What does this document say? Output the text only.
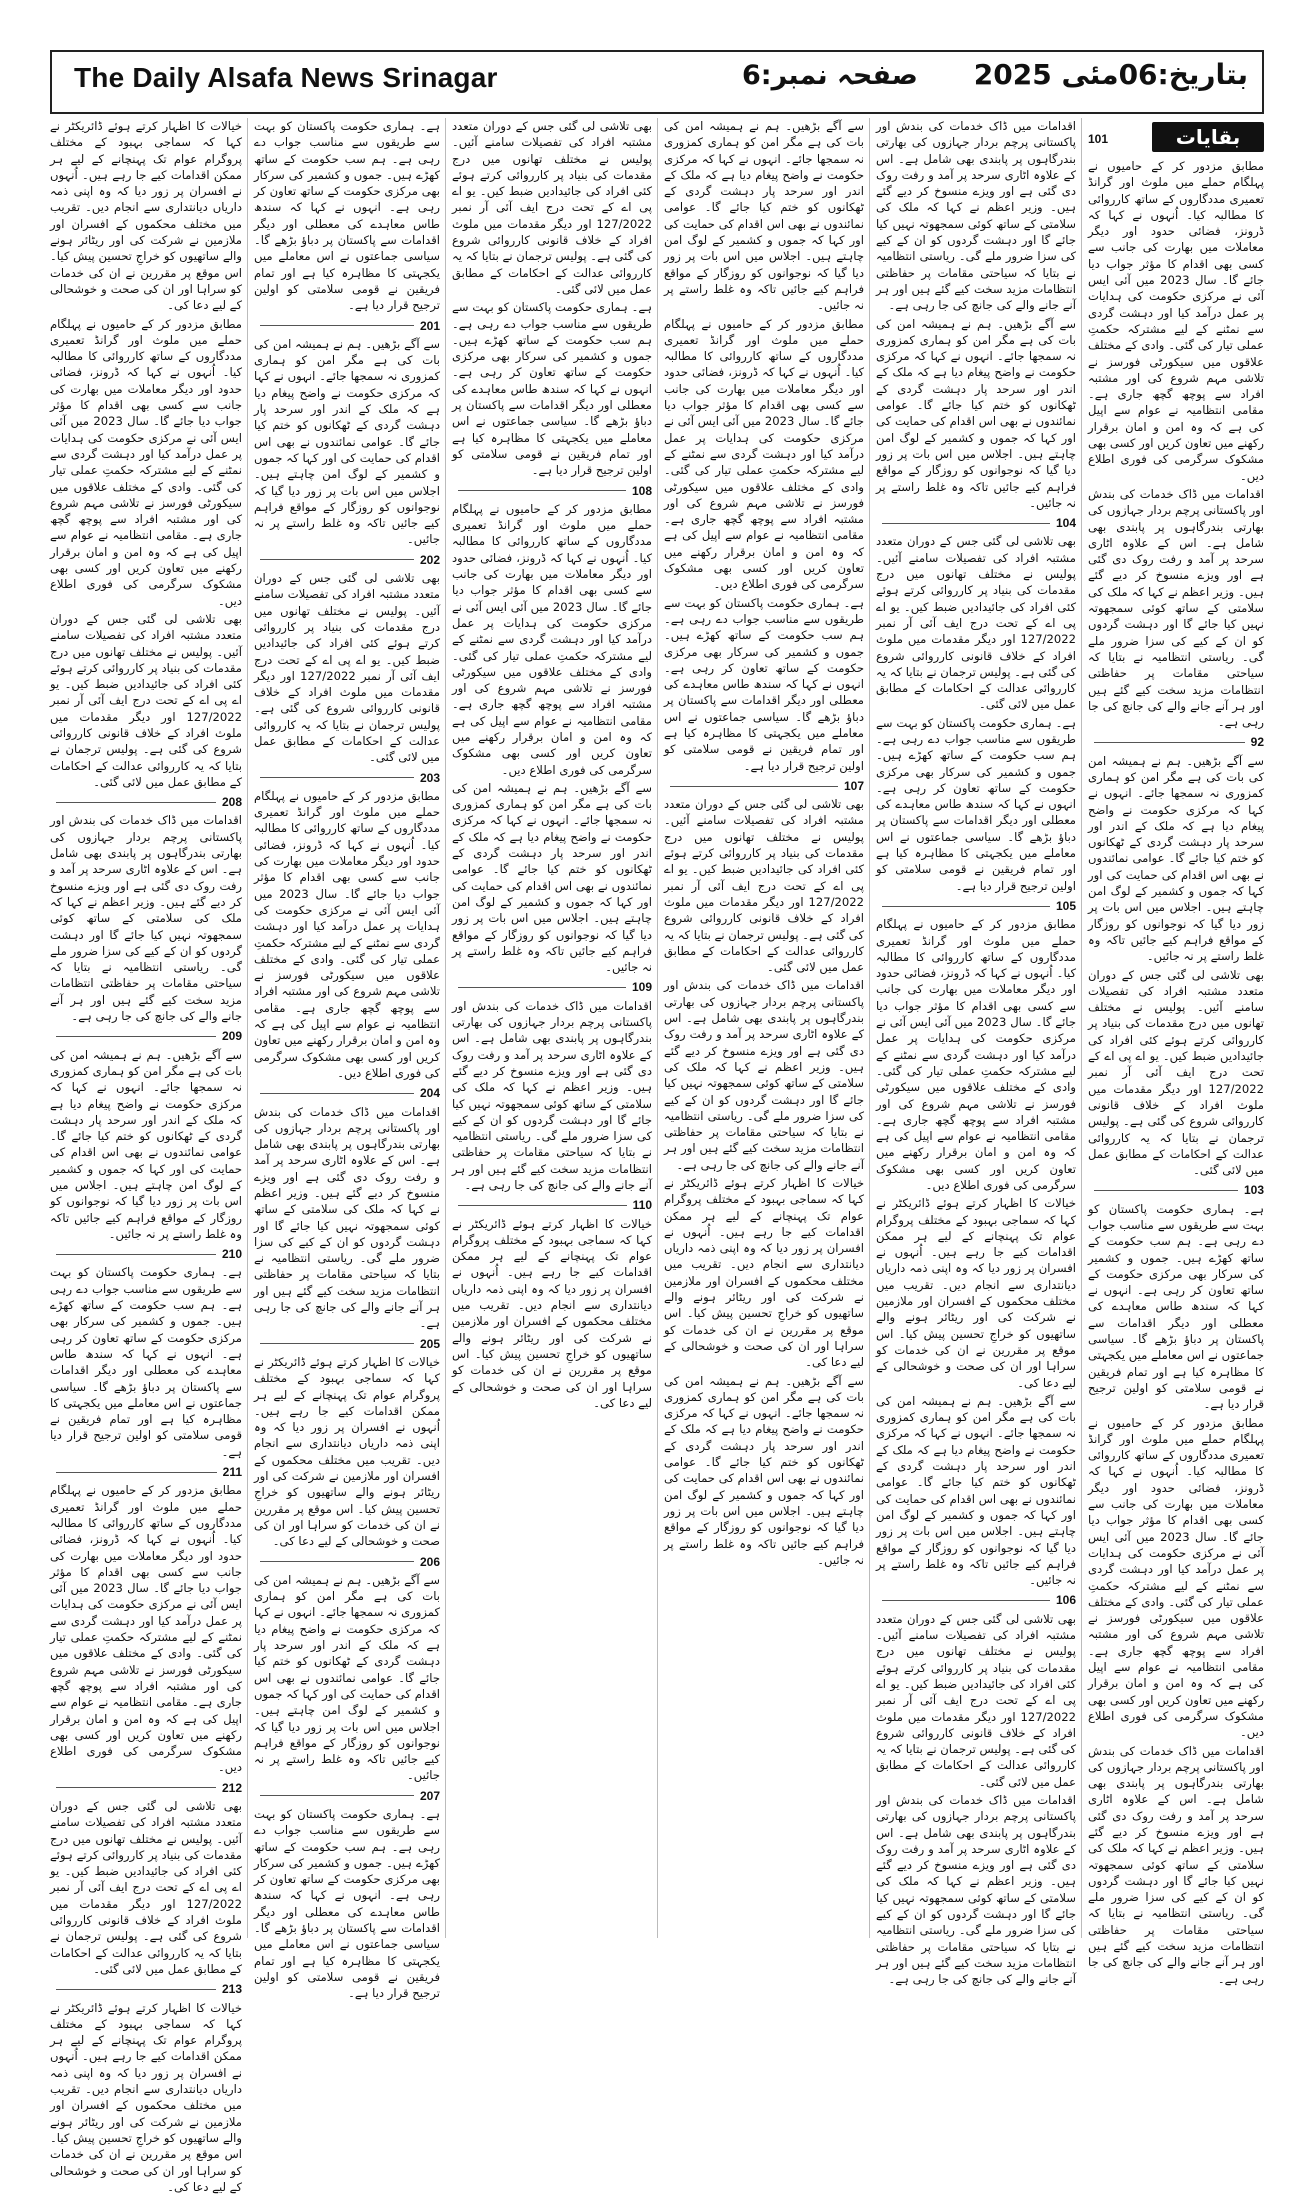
The Daily Alsafa News Srinagar	صفحہ نمبر:6 بتاریخ:06مئی 2025
بقایات
101

مطابق مزدور کر کے حامیوں نے پہلگام حملے میں ملوث اور گرانڈ تعمیری مددگاروں کے ساتھ کارروائی کا مطالبہ کیا۔ اُنہوں نے کہا کہ ڈرونز، فضائی حدود اور دیگر معاملات میں بھارت کی جانب سے کسی بھی اقدام کا مؤثر جواب دیا جائے گا۔ سال 2023 میں آئی ایس آئی نے مرکزی حکومت کی ہدایات پر عمل درآمد کیا اور دہشت گردی سے نمٹنے کے لیے مشترکہ حکمتِ عملی تیار کی گئی۔ وادی کے مختلف علاقوں میں سیکورٹی فورسز نے تلاشی مہم شروع کی اور مشتبہ افراد سے پوچھ گچھ جاری ہے۔ مقامی انتظامیہ نے عوام سے اپیل کی ہے کہ وہ امن و امان برقرار رکھنے میں تعاون کریں اور کسی بھی مشکوک سرگرمی کی فوری اطلاع دیں۔

اقدامات میں ڈاک خدمات کی بندش اور پاکستانی پرچم بردار جہازوں کی بھارتی بندرگاہوں پر پابندی بھی شامل ہے۔ اس کے علاوہ اٹاری سرحد پر آمد و رفت روک دی گئی ہے اور ویزے منسوخ کر دیے گئے ہیں۔ وزیر اعظم نے کہا کہ ملک کی سلامتی کے ساتھ کوئی سمجھوتہ نہیں کیا جائے گا اور دہشت گردوں کو ان کے کیے کی سزا ضرور ملے گی۔ ریاستی انتظامیہ نے بتایا کہ سیاحتی مقامات پر حفاظتی انتظامات مزید سخت کیے گئے ہیں اور ہر آنے جانے والے کی جانچ کی جا رہی ہے۔

92

سے آگے بڑھیں۔ ہم نے ہمیشہ امن کی بات کی ہے مگر امن کو ہماری کمزوری نہ سمجھا جائے۔ انہوں نے کہا کہ مرکزی حکومت نے واضح پیغام دیا ہے کہ ملک کے اندر اور سرحد پار دہشت گردی کے ٹھکانوں کو ختم کیا جائے گا۔ عوامی نمائندوں نے بھی اس اقدام کی حمایت کی اور کہا کہ جموں و کشمیر کے لوگ امن چاہتے ہیں۔ اجلاس میں اس بات پر زور دیا گیا کہ نوجوانوں کو روزگار کے مواقع فراہم کیے جائیں تاکہ وہ غلط راستے پر نہ جائیں۔

بھی تلاشی لی گئی جس کے دوران متعدد مشتبہ افراد کی تفصیلات سامنے آئیں۔ پولیس نے مختلف تھانوں میں درج مقدمات کی بنیاد پر کارروائی کرتے ہوئے کئی افراد کی جائیدادیں ضبط کیں۔ یو اے پی اے کے تحت درج ایف آئی آر نمبر 127/2022 اور دیگر مقدمات میں ملوث افراد کے خلاف قانونی کارروائی شروع کی گئی ہے۔ پولیس ترجمان نے بتایا کہ یہ کارروائی عدالت کے احکامات کے مطابق عمل میں لائی گئی۔

103

ہے۔ ہماری حکومت پاکستان کو بہت سے طریقوں سے مناسب جواب دے رہی ہے۔ ہم سب حکومت کے ساتھ کھڑے ہیں۔ جموں و کشمیر کی سرکار بھی مرکزی حکومت کے ساتھ تعاون کر رہی ہے۔ انہوں نے کہا کہ سندھ طاس معاہدے کی معطلی اور دیگر اقدامات سے پاکستان پر دباؤ بڑھے گا۔ سیاسی جماعتوں نے اس معاملے میں یکجہتی کا مظاہرہ کیا ہے اور تمام فریقین نے قومی سلامتی کو اولین ترجیح قرار دیا ہے۔

مطابق مزدور کر کے حامیوں نے پہلگام حملے میں ملوث اور گرانڈ تعمیری مددگاروں کے ساتھ کارروائی کا مطالبہ کیا۔ اُنہوں نے کہا کہ ڈرونز، فضائی حدود اور دیگر معاملات میں بھارت کی جانب سے کسی بھی اقدام کا مؤثر جواب دیا جائے گا۔ سال 2023 میں آئی ایس آئی نے مرکزی حکومت کی ہدایات پر عمل درآمد کیا اور دہشت گردی سے نمٹنے کے لیے مشترکہ حکمتِ عملی تیار کی گئی۔ وادی کے مختلف علاقوں میں سیکورٹی فورسز نے تلاشی مہم شروع کی اور مشتبہ افراد سے پوچھ گچھ جاری ہے۔ مقامی انتظامیہ نے عوام سے اپیل کی ہے کہ وہ امن و امان برقرار رکھنے میں تعاون کریں اور کسی بھی مشکوک سرگرمی کی فوری اطلاع دیں۔

اقدامات میں ڈاک خدمات کی بندش اور پاکستانی پرچم بردار جہازوں کی بھارتی بندرگاہوں پر پابندی بھی شامل ہے۔ اس کے علاوہ اٹاری سرحد پر آمد و رفت روک دی گئی ہے اور ویزے منسوخ کر دیے گئے ہیں۔ وزیر اعظم نے کہا کہ ملک کی سلامتی کے ساتھ کوئی سمجھوتہ نہیں کیا جائے گا اور دہشت گردوں کو ان کے کیے کی سزا ضرور ملے گی۔ ریاستی انتظامیہ نے بتایا کہ سیاحتی مقامات پر حفاظتی انتظامات مزید سخت کیے گئے ہیں اور ہر آنے جانے والے کی جانچ کی جا رہی ہے۔

اقدامات میں ڈاک خدمات کی بندش اور پاکستانی پرچم بردار جہازوں کی بھارتی بندرگاہوں پر پابندی بھی شامل ہے۔ اس کے علاوہ اٹاری سرحد پر آمد و رفت روک دی گئی ہے اور ویزے منسوخ کر دیے گئے ہیں۔ وزیر اعظم نے کہا کہ ملک کی سلامتی کے ساتھ کوئی سمجھوتہ نہیں کیا جائے گا اور دہشت گردوں کو ان کے کیے کی سزا ضرور ملے گی۔ ریاستی انتظامیہ نے بتایا کہ سیاحتی مقامات پر حفاظتی انتظامات مزید سخت کیے گئے ہیں اور ہر آنے جانے والے کی جانچ کی جا رہی ہے۔

سے آگے بڑھیں۔ ہم نے ہمیشہ امن کی بات کی ہے مگر امن کو ہماری کمزوری نہ سمجھا جائے۔ انہوں نے کہا کہ مرکزی حکومت نے واضح پیغام دیا ہے کہ ملک کے اندر اور سرحد پار دہشت گردی کے ٹھکانوں کو ختم کیا جائے گا۔ عوامی نمائندوں نے بھی اس اقدام کی حمایت کی اور کہا کہ جموں و کشمیر کے لوگ امن چاہتے ہیں۔ اجلاس میں اس بات پر زور دیا گیا کہ نوجوانوں کو روزگار کے مواقع فراہم کیے جائیں تاکہ وہ غلط راستے پر نہ جائیں۔

104

بھی تلاشی لی گئی جس کے دوران متعدد مشتبہ افراد کی تفصیلات سامنے آئیں۔ پولیس نے مختلف تھانوں میں درج مقدمات کی بنیاد پر کارروائی کرتے ہوئے کئی افراد کی جائیدادیں ضبط کیں۔ یو اے پی اے کے تحت درج ایف آئی آر نمبر 127/2022 اور دیگر مقدمات میں ملوث افراد کے خلاف قانونی کارروائی شروع کی گئی ہے۔ پولیس ترجمان نے بتایا کہ یہ کارروائی عدالت کے احکامات کے مطابق عمل میں لائی گئی۔

ہے۔ ہماری حکومت پاکستان کو بہت سے طریقوں سے مناسب جواب دے رہی ہے۔ ہم سب حکومت کے ساتھ کھڑے ہیں۔ جموں و کشمیر کی سرکار بھی مرکزی حکومت کے ساتھ تعاون کر رہی ہے۔ انہوں نے کہا کہ سندھ طاس معاہدے کی معطلی اور دیگر اقدامات سے پاکستان پر دباؤ بڑھے گا۔ سیاسی جماعتوں نے اس معاملے میں یکجہتی کا مظاہرہ کیا ہے اور تمام فریقین نے قومی سلامتی کو اولین ترجیح قرار دیا ہے۔

105

مطابق مزدور کر کے حامیوں نے پہلگام حملے میں ملوث اور گرانڈ تعمیری مددگاروں کے ساتھ کارروائی کا مطالبہ کیا۔ اُنہوں نے کہا کہ ڈرونز، فضائی حدود اور دیگر معاملات میں بھارت کی جانب سے کسی بھی اقدام کا مؤثر جواب دیا جائے گا۔ سال 2023 میں آئی ایس آئی نے مرکزی حکومت کی ہدایات پر عمل درآمد کیا اور دہشت گردی سے نمٹنے کے لیے مشترکہ حکمتِ عملی تیار کی گئی۔ وادی کے مختلف علاقوں میں سیکورٹی فورسز نے تلاشی مہم شروع کی اور مشتبہ افراد سے پوچھ گچھ جاری ہے۔ مقامی انتظامیہ نے عوام سے اپیل کی ہے کہ وہ امن و امان برقرار رکھنے میں تعاون کریں اور کسی بھی مشکوک سرگرمی کی فوری اطلاع دیں۔

خیالات کا اظہار کرتے ہوئے ڈائریکٹر نے کہا کہ سماجی بہبود کے مختلف پروگرام عوام تک پہنچانے کے لیے ہر ممکن اقدامات کیے جا رہے ہیں۔ اُنہوں نے افسران پر زور دیا کہ وہ اپنی ذمہ داریاں دیانتداری سے انجام دیں۔ تقریب میں مختلف محکموں کے افسران اور ملازمین نے شرکت کی اور ریٹائر ہونے والے ساتھیوں کو خراجِ تحسین پیش کیا۔ اس موقع پر مقررین نے ان کی خدمات کو سراہا اور ان کی صحت و خوشحالی کے لیے دعا کی۔

سے آگے بڑھیں۔ ہم نے ہمیشہ امن کی بات کی ہے مگر امن کو ہماری کمزوری نہ سمجھا جائے۔ انہوں نے کہا کہ مرکزی حکومت نے واضح پیغام دیا ہے کہ ملک کے اندر اور سرحد پار دہشت گردی کے ٹھکانوں کو ختم کیا جائے گا۔ عوامی نمائندوں نے بھی اس اقدام کی حمایت کی اور کہا کہ جموں و کشمیر کے لوگ امن چاہتے ہیں۔ اجلاس میں اس بات پر زور دیا گیا کہ نوجوانوں کو روزگار کے مواقع فراہم کیے جائیں تاکہ وہ غلط راستے پر نہ جائیں۔

106

بھی تلاشی لی گئی جس کے دوران متعدد مشتبہ افراد کی تفصیلات سامنے آئیں۔ پولیس نے مختلف تھانوں میں درج مقدمات کی بنیاد پر کارروائی کرتے ہوئے کئی افراد کی جائیدادیں ضبط کیں۔ یو اے پی اے کے تحت درج ایف آئی آر نمبر 127/2022 اور دیگر مقدمات میں ملوث افراد کے خلاف قانونی کارروائی شروع کی گئی ہے۔ پولیس ترجمان نے بتایا کہ یہ کارروائی عدالت کے احکامات کے مطابق عمل میں لائی گئی۔

اقدامات میں ڈاک خدمات کی بندش اور پاکستانی پرچم بردار جہازوں کی بھارتی بندرگاہوں پر پابندی بھی شامل ہے۔ اس کے علاوہ اٹاری سرحد پر آمد و رفت روک دی گئی ہے اور ویزے منسوخ کر دیے گئے ہیں۔ وزیر اعظم نے کہا کہ ملک کی سلامتی کے ساتھ کوئی سمجھوتہ نہیں کیا جائے گا اور دہشت گردوں کو ان کے کیے کی سزا ضرور ملے گی۔ ریاستی انتظامیہ نے بتایا کہ سیاحتی مقامات پر حفاظتی انتظامات مزید سخت کیے گئے ہیں اور ہر آنے جانے والے کی جانچ کی جا رہی ہے۔

سے آگے بڑھیں۔ ہم نے ہمیشہ امن کی بات کی ہے مگر امن کو ہماری کمزوری نہ سمجھا جائے۔ انہوں نے کہا کہ مرکزی حکومت نے واضح پیغام دیا ہے کہ ملک کے اندر اور سرحد پار دہشت گردی کے ٹھکانوں کو ختم کیا جائے گا۔ عوامی نمائندوں نے بھی اس اقدام کی حمایت کی اور کہا کہ جموں و کشمیر کے لوگ امن چاہتے ہیں۔ اجلاس میں اس بات پر زور دیا گیا کہ نوجوانوں کو روزگار کے مواقع فراہم کیے جائیں تاکہ وہ غلط راستے پر نہ جائیں۔

مطابق مزدور کر کے حامیوں نے پہلگام حملے میں ملوث اور گرانڈ تعمیری مددگاروں کے ساتھ کارروائی کا مطالبہ کیا۔ اُنہوں نے کہا کہ ڈرونز، فضائی حدود اور دیگر معاملات میں بھارت کی جانب سے کسی بھی اقدام کا مؤثر جواب دیا جائے گا۔ سال 2023 میں آئی ایس آئی نے مرکزی حکومت کی ہدایات پر عمل درآمد کیا اور دہشت گردی سے نمٹنے کے لیے مشترکہ حکمتِ عملی تیار کی گئی۔ وادی کے مختلف علاقوں میں سیکورٹی فورسز نے تلاشی مہم شروع کی اور مشتبہ افراد سے پوچھ گچھ جاری ہے۔ مقامی انتظامیہ نے عوام سے اپیل کی ہے کہ وہ امن و امان برقرار رکھنے میں تعاون کریں اور کسی بھی مشکوک سرگرمی کی فوری اطلاع دیں۔

ہے۔ ہماری حکومت پاکستان کو بہت سے طریقوں سے مناسب جواب دے رہی ہے۔ ہم سب حکومت کے ساتھ کھڑے ہیں۔ جموں و کشمیر کی سرکار بھی مرکزی حکومت کے ساتھ تعاون کر رہی ہے۔ انہوں نے کہا کہ سندھ طاس معاہدے کی معطلی اور دیگر اقدامات سے پاکستان پر دباؤ بڑھے گا۔ سیاسی جماعتوں نے اس معاملے میں یکجہتی کا مظاہرہ کیا ہے اور تمام فریقین نے قومی سلامتی کو اولین ترجیح قرار دیا ہے۔

107

بھی تلاشی لی گئی جس کے دوران متعدد مشتبہ افراد کی تفصیلات سامنے آئیں۔ پولیس نے مختلف تھانوں میں درج مقدمات کی بنیاد پر کارروائی کرتے ہوئے کئی افراد کی جائیدادیں ضبط کیں۔ یو اے پی اے کے تحت درج ایف آئی آر نمبر 127/2022 اور دیگر مقدمات میں ملوث افراد کے خلاف قانونی کارروائی شروع کی گئی ہے۔ پولیس ترجمان نے بتایا کہ یہ کارروائی عدالت کے احکامات کے مطابق عمل میں لائی گئی۔

اقدامات میں ڈاک خدمات کی بندش اور پاکستانی پرچم بردار جہازوں کی بھارتی بندرگاہوں پر پابندی بھی شامل ہے۔ اس کے علاوہ اٹاری سرحد پر آمد و رفت روک دی گئی ہے اور ویزے منسوخ کر دیے گئے ہیں۔ وزیر اعظم نے کہا کہ ملک کی سلامتی کے ساتھ کوئی سمجھوتہ نہیں کیا جائے گا اور دہشت گردوں کو ان کے کیے کی سزا ضرور ملے گی۔ ریاستی انتظامیہ نے بتایا کہ سیاحتی مقامات پر حفاظتی انتظامات مزید سخت کیے گئے ہیں اور ہر آنے جانے والے کی جانچ کی جا رہی ہے۔

خیالات کا اظہار کرتے ہوئے ڈائریکٹر نے کہا کہ سماجی بہبود کے مختلف پروگرام عوام تک پہنچانے کے لیے ہر ممکن اقدامات کیے جا رہے ہیں۔ اُنہوں نے افسران پر زور دیا کہ وہ اپنی ذمہ داریاں دیانتداری سے انجام دیں۔ تقریب میں مختلف محکموں کے افسران اور ملازمین نے شرکت کی اور ریٹائر ہونے والے ساتھیوں کو خراجِ تحسین پیش کیا۔ اس موقع پر مقررین نے ان کی خدمات کو سراہا اور ان کی صحت و خوشحالی کے لیے دعا کی۔

سے آگے بڑھیں۔ ہم نے ہمیشہ امن کی بات کی ہے مگر امن کو ہماری کمزوری نہ سمجھا جائے۔ انہوں نے کہا کہ مرکزی حکومت نے واضح پیغام دیا ہے کہ ملک کے اندر اور سرحد پار دہشت گردی کے ٹھکانوں کو ختم کیا جائے گا۔ عوامی نمائندوں نے بھی اس اقدام کی حمایت کی اور کہا کہ جموں و کشمیر کے لوگ امن چاہتے ہیں۔ اجلاس میں اس بات پر زور دیا گیا کہ نوجوانوں کو روزگار کے مواقع فراہم کیے جائیں تاکہ وہ غلط راستے پر نہ جائیں۔

بھی تلاشی لی گئی جس کے دوران متعدد مشتبہ افراد کی تفصیلات سامنے آئیں۔ پولیس نے مختلف تھانوں میں درج مقدمات کی بنیاد پر کارروائی کرتے ہوئے کئی افراد کی جائیدادیں ضبط کیں۔ یو اے پی اے کے تحت درج ایف آئی آر نمبر 127/2022 اور دیگر مقدمات میں ملوث افراد کے خلاف قانونی کارروائی شروع کی گئی ہے۔ پولیس ترجمان نے بتایا کہ یہ کارروائی عدالت کے احکامات کے مطابق عمل میں لائی گئی۔

ہے۔ ہماری حکومت پاکستان کو بہت سے طریقوں سے مناسب جواب دے رہی ہے۔ ہم سب حکومت کے ساتھ کھڑے ہیں۔ جموں و کشمیر کی سرکار بھی مرکزی حکومت کے ساتھ تعاون کر رہی ہے۔ انہوں نے کہا کہ سندھ طاس معاہدے کی معطلی اور دیگر اقدامات سے پاکستان پر دباؤ بڑھے گا۔ سیاسی جماعتوں نے اس معاملے میں یکجہتی کا مظاہرہ کیا ہے اور تمام فریقین نے قومی سلامتی کو اولین ترجیح قرار دیا ہے۔

108

مطابق مزدور کر کے حامیوں نے پہلگام حملے میں ملوث اور گرانڈ تعمیری مددگاروں کے ساتھ کارروائی کا مطالبہ کیا۔ اُنہوں نے کہا کہ ڈرونز، فضائی حدود اور دیگر معاملات میں بھارت کی جانب سے کسی بھی اقدام کا مؤثر جواب دیا جائے گا۔ سال 2023 میں آئی ایس آئی نے مرکزی حکومت کی ہدایات پر عمل درآمد کیا اور دہشت گردی سے نمٹنے کے لیے مشترکہ حکمتِ عملی تیار کی گئی۔ وادی کے مختلف علاقوں میں سیکورٹی فورسز نے تلاشی مہم شروع کی اور مشتبہ افراد سے پوچھ گچھ جاری ہے۔ مقامی انتظامیہ نے عوام سے اپیل کی ہے کہ وہ امن و امان برقرار رکھنے میں تعاون کریں اور کسی بھی مشکوک سرگرمی کی فوری اطلاع دیں۔

سے آگے بڑھیں۔ ہم نے ہمیشہ امن کی بات کی ہے مگر امن کو ہماری کمزوری نہ سمجھا جائے۔ انہوں نے کہا کہ مرکزی حکومت نے واضح پیغام دیا ہے کہ ملک کے اندر اور سرحد پار دہشت گردی کے ٹھکانوں کو ختم کیا جائے گا۔ عوامی نمائندوں نے بھی اس اقدام کی حمایت کی اور کہا کہ جموں و کشمیر کے لوگ امن چاہتے ہیں۔ اجلاس میں اس بات پر زور دیا گیا کہ نوجوانوں کو روزگار کے مواقع فراہم کیے جائیں تاکہ وہ غلط راستے پر نہ جائیں۔

109

اقدامات میں ڈاک خدمات کی بندش اور پاکستانی پرچم بردار جہازوں کی بھارتی بندرگاہوں پر پابندی بھی شامل ہے۔ اس کے علاوہ اٹاری سرحد پر آمد و رفت روک دی گئی ہے اور ویزے منسوخ کر دیے گئے ہیں۔ وزیر اعظم نے کہا کہ ملک کی سلامتی کے ساتھ کوئی سمجھوتہ نہیں کیا جائے گا اور دہشت گردوں کو ان کے کیے کی سزا ضرور ملے گی۔ ریاستی انتظامیہ نے بتایا کہ سیاحتی مقامات پر حفاظتی انتظامات مزید سخت کیے گئے ہیں اور ہر آنے جانے والے کی جانچ کی جا رہی ہے۔

110

خیالات کا اظہار کرتے ہوئے ڈائریکٹر نے کہا کہ سماجی بہبود کے مختلف پروگرام عوام تک پہنچانے کے لیے ہر ممکن اقدامات کیے جا رہے ہیں۔ اُنہوں نے افسران پر زور دیا کہ وہ اپنی ذمہ داریاں دیانتداری سے انجام دیں۔ تقریب میں مختلف محکموں کے افسران اور ملازمین نے شرکت کی اور ریٹائر ہونے والے ساتھیوں کو خراجِ تحسین پیش کیا۔ اس موقع پر مقررین نے ان کی خدمات کو سراہا اور ان کی صحت و خوشحالی کے لیے دعا کی۔

ہے۔ ہماری حکومت پاکستان کو بہت سے طریقوں سے مناسب جواب دے رہی ہے۔ ہم سب حکومت کے ساتھ کھڑے ہیں۔ جموں و کشمیر کی سرکار بھی مرکزی حکومت کے ساتھ تعاون کر رہی ہے۔ انہوں نے کہا کہ سندھ طاس معاہدے کی معطلی اور دیگر اقدامات سے پاکستان پر دباؤ بڑھے گا۔ سیاسی جماعتوں نے اس معاملے میں یکجہتی کا مظاہرہ کیا ہے اور تمام فریقین نے قومی سلامتی کو اولین ترجیح قرار دیا ہے۔

201

سے آگے بڑھیں۔ ہم نے ہمیشہ امن کی بات کی ہے مگر امن کو ہماری کمزوری نہ سمجھا جائے۔ انہوں نے کہا کہ مرکزی حکومت نے واضح پیغام دیا ہے کہ ملک کے اندر اور سرحد پار دہشت گردی کے ٹھکانوں کو ختم کیا جائے گا۔ عوامی نمائندوں نے بھی اس اقدام کی حمایت کی اور کہا کہ جموں و کشمیر کے لوگ امن چاہتے ہیں۔ اجلاس میں اس بات پر زور دیا گیا کہ نوجوانوں کو روزگار کے مواقع فراہم کیے جائیں تاکہ وہ غلط راستے پر نہ جائیں۔

202

بھی تلاشی لی گئی جس کے دوران متعدد مشتبہ افراد کی تفصیلات سامنے آئیں۔ پولیس نے مختلف تھانوں میں درج مقدمات کی بنیاد پر کارروائی کرتے ہوئے کئی افراد کی جائیدادیں ضبط کیں۔ یو اے پی اے کے تحت درج ایف آئی آر نمبر 127/2022 اور دیگر مقدمات میں ملوث افراد کے خلاف قانونی کارروائی شروع کی گئی ہے۔ پولیس ترجمان نے بتایا کہ یہ کارروائی عدالت کے احکامات کے مطابق عمل میں لائی گئی۔

203

مطابق مزدور کر کے حامیوں نے پہلگام حملے میں ملوث اور گرانڈ تعمیری مددگاروں کے ساتھ کارروائی کا مطالبہ کیا۔ اُنہوں نے کہا کہ ڈرونز، فضائی حدود اور دیگر معاملات میں بھارت کی جانب سے کسی بھی اقدام کا مؤثر جواب دیا جائے گا۔ سال 2023 میں آئی ایس آئی نے مرکزی حکومت کی ہدایات پر عمل درآمد کیا اور دہشت گردی سے نمٹنے کے لیے مشترکہ حکمتِ عملی تیار کی گئی۔ وادی کے مختلف علاقوں میں سیکورٹی فورسز نے تلاشی مہم شروع کی اور مشتبہ افراد سے پوچھ گچھ جاری ہے۔ مقامی انتظامیہ نے عوام سے اپیل کی ہے کہ وہ امن و امان برقرار رکھنے میں تعاون کریں اور کسی بھی مشکوک سرگرمی کی فوری اطلاع دیں۔

204

اقدامات میں ڈاک خدمات کی بندش اور پاکستانی پرچم بردار جہازوں کی بھارتی بندرگاہوں پر پابندی بھی شامل ہے۔ اس کے علاوہ اٹاری سرحد پر آمد و رفت روک دی گئی ہے اور ویزے منسوخ کر دیے گئے ہیں۔ وزیر اعظم نے کہا کہ ملک کی سلامتی کے ساتھ کوئی سمجھوتہ نہیں کیا جائے گا اور دہشت گردوں کو ان کے کیے کی سزا ضرور ملے گی۔ ریاستی انتظامیہ نے بتایا کہ سیاحتی مقامات پر حفاظتی انتظامات مزید سخت کیے گئے ہیں اور ہر آنے جانے والے کی جانچ کی جا رہی ہے۔

205

خیالات کا اظہار کرتے ہوئے ڈائریکٹر نے کہا کہ سماجی بہبود کے مختلف پروگرام عوام تک پہنچانے کے لیے ہر ممکن اقدامات کیے جا رہے ہیں۔ اُنہوں نے افسران پر زور دیا کہ وہ اپنی ذمہ داریاں دیانتداری سے انجام دیں۔ تقریب میں مختلف محکموں کے افسران اور ملازمین نے شرکت کی اور ریٹائر ہونے والے ساتھیوں کو خراجِ تحسین پیش کیا۔ اس موقع پر مقررین نے ان کی خدمات کو سراہا اور ان کی صحت و خوشحالی کے لیے دعا کی۔

206

سے آگے بڑھیں۔ ہم نے ہمیشہ امن کی بات کی ہے مگر امن کو ہماری کمزوری نہ سمجھا جائے۔ انہوں نے کہا کہ مرکزی حکومت نے واضح پیغام دیا ہے کہ ملک کے اندر اور سرحد پار دہشت گردی کے ٹھکانوں کو ختم کیا جائے گا۔ عوامی نمائندوں نے بھی اس اقدام کی حمایت کی اور کہا کہ جموں و کشمیر کے لوگ امن چاہتے ہیں۔ اجلاس میں اس بات پر زور دیا گیا کہ نوجوانوں کو روزگار کے مواقع فراہم کیے جائیں تاکہ وہ غلط راستے پر نہ جائیں۔

207

ہے۔ ہماری حکومت پاکستان کو بہت سے طریقوں سے مناسب جواب دے رہی ہے۔ ہم سب حکومت کے ساتھ کھڑے ہیں۔ جموں و کشمیر کی سرکار بھی مرکزی حکومت کے ساتھ تعاون کر رہی ہے۔ انہوں نے کہا کہ سندھ طاس معاہدے کی معطلی اور دیگر اقدامات سے پاکستان پر دباؤ بڑھے گا۔ سیاسی جماعتوں نے اس معاملے میں یکجہتی کا مظاہرہ کیا ہے اور تمام فریقین نے قومی سلامتی کو اولین ترجیح قرار دیا ہے۔

خیالات کا اظہار کرتے ہوئے ڈائریکٹر نے کہا کہ سماجی بہبود کے مختلف پروگرام عوام تک پہنچانے کے لیے ہر ممکن اقدامات کیے جا رہے ہیں۔ اُنہوں نے افسران پر زور دیا کہ وہ اپنی ذمہ داریاں دیانتداری سے انجام دیں۔ تقریب میں مختلف محکموں کے افسران اور ملازمین نے شرکت کی اور ریٹائر ہونے والے ساتھیوں کو خراجِ تحسین پیش کیا۔ اس موقع پر مقررین نے ان کی خدمات کو سراہا اور ان کی صحت و خوشحالی کے لیے دعا کی۔

مطابق مزدور کر کے حامیوں نے پہلگام حملے میں ملوث اور گرانڈ تعمیری مددگاروں کے ساتھ کارروائی کا مطالبہ کیا۔ اُنہوں نے کہا کہ ڈرونز، فضائی حدود اور دیگر معاملات میں بھارت کی جانب سے کسی بھی اقدام کا مؤثر جواب دیا جائے گا۔ سال 2023 میں آئی ایس آئی نے مرکزی حکومت کی ہدایات پر عمل درآمد کیا اور دہشت گردی سے نمٹنے کے لیے مشترکہ حکمتِ عملی تیار کی گئی۔ وادی کے مختلف علاقوں میں سیکورٹی فورسز نے تلاشی مہم شروع کی اور مشتبہ افراد سے پوچھ گچھ جاری ہے۔ مقامی انتظامیہ نے عوام سے اپیل کی ہے کہ وہ امن و امان برقرار رکھنے میں تعاون کریں اور کسی بھی مشکوک سرگرمی کی فوری اطلاع دیں۔

بھی تلاشی لی گئی جس کے دوران متعدد مشتبہ افراد کی تفصیلات سامنے آئیں۔ پولیس نے مختلف تھانوں میں درج مقدمات کی بنیاد پر کارروائی کرتے ہوئے کئی افراد کی جائیدادیں ضبط کیں۔ یو اے پی اے کے تحت درج ایف آئی آر نمبر 127/2022 اور دیگر مقدمات میں ملوث افراد کے خلاف قانونی کارروائی شروع کی گئی ہے۔ پولیس ترجمان نے بتایا کہ یہ کارروائی عدالت کے احکامات کے مطابق عمل میں لائی گئی۔

208

اقدامات میں ڈاک خدمات کی بندش اور پاکستانی پرچم بردار جہازوں کی بھارتی بندرگاہوں پر پابندی بھی شامل ہے۔ اس کے علاوہ اٹاری سرحد پر آمد و رفت روک دی گئی ہے اور ویزے منسوخ کر دیے گئے ہیں۔ وزیر اعظم نے کہا کہ ملک کی سلامتی کے ساتھ کوئی سمجھوتہ نہیں کیا جائے گا اور دہشت گردوں کو ان کے کیے کی سزا ضرور ملے گی۔ ریاستی انتظامیہ نے بتایا کہ سیاحتی مقامات پر حفاظتی انتظامات مزید سخت کیے گئے ہیں اور ہر آنے جانے والے کی جانچ کی جا رہی ہے۔

209

سے آگے بڑھیں۔ ہم نے ہمیشہ امن کی بات کی ہے مگر امن کو ہماری کمزوری نہ سمجھا جائے۔ انہوں نے کہا کہ مرکزی حکومت نے واضح پیغام دیا ہے کہ ملک کے اندر اور سرحد پار دہشت گردی کے ٹھکانوں کو ختم کیا جائے گا۔ عوامی نمائندوں نے بھی اس اقدام کی حمایت کی اور کہا کہ جموں و کشمیر کے لوگ امن چاہتے ہیں۔ اجلاس میں اس بات پر زور دیا گیا کہ نوجوانوں کو روزگار کے مواقع فراہم کیے جائیں تاکہ وہ غلط راستے پر نہ جائیں۔

210

ہے۔ ہماری حکومت پاکستان کو بہت سے طریقوں سے مناسب جواب دے رہی ہے۔ ہم سب حکومت کے ساتھ کھڑے ہیں۔ جموں و کشمیر کی سرکار بھی مرکزی حکومت کے ساتھ تعاون کر رہی ہے۔ انہوں نے کہا کہ سندھ طاس معاہدے کی معطلی اور دیگر اقدامات سے پاکستان پر دباؤ بڑھے گا۔ سیاسی جماعتوں نے اس معاملے میں یکجہتی کا مظاہرہ کیا ہے اور تمام فریقین نے قومی سلامتی کو اولین ترجیح قرار دیا ہے۔

211

مطابق مزدور کر کے حامیوں نے پہلگام حملے میں ملوث اور گرانڈ تعمیری مددگاروں کے ساتھ کارروائی کا مطالبہ کیا۔ اُنہوں نے کہا کہ ڈرونز، فضائی حدود اور دیگر معاملات میں بھارت کی جانب سے کسی بھی اقدام کا مؤثر جواب دیا جائے گا۔ سال 2023 میں آئی ایس آئی نے مرکزی حکومت کی ہدایات پر عمل درآمد کیا اور دہشت گردی سے نمٹنے کے لیے مشترکہ حکمتِ عملی تیار کی گئی۔ وادی کے مختلف علاقوں میں سیکورٹی فورسز نے تلاشی مہم شروع کی اور مشتبہ افراد سے پوچھ گچھ جاری ہے۔ مقامی انتظامیہ نے عوام سے اپیل کی ہے کہ وہ امن و امان برقرار رکھنے میں تعاون کریں اور کسی بھی مشکوک سرگرمی کی فوری اطلاع دیں۔

212

بھی تلاشی لی گئی جس کے دوران متعدد مشتبہ افراد کی تفصیلات سامنے آئیں۔ پولیس نے مختلف تھانوں میں درج مقدمات کی بنیاد پر کارروائی کرتے ہوئے کئی افراد کی جائیدادیں ضبط کیں۔ یو اے پی اے کے تحت درج ایف آئی آر نمبر 127/2022 اور دیگر مقدمات میں ملوث افراد کے خلاف قانونی کارروائی شروع کی گئی ہے۔ پولیس ترجمان نے بتایا کہ یہ کارروائی عدالت کے احکامات کے مطابق عمل میں لائی گئی۔

213

خیالات کا اظہار کرتے ہوئے ڈائریکٹر نے کہا کہ سماجی بہبود کے مختلف پروگرام عوام تک پہنچانے کے لیے ہر ممکن اقدامات کیے جا رہے ہیں۔ اُنہوں نے افسران پر زور دیا کہ وہ اپنی ذمہ داریاں دیانتداری سے انجام دیں۔ تقریب میں مختلف محکموں کے افسران اور ملازمین نے شرکت کی اور ریٹائر ہونے والے ساتھیوں کو خراجِ تحسین پیش کیا۔ اس موقع پر مقررین نے ان کی خدمات کو سراہا اور ان کی صحت و خوشحالی کے لیے دعا کی۔
